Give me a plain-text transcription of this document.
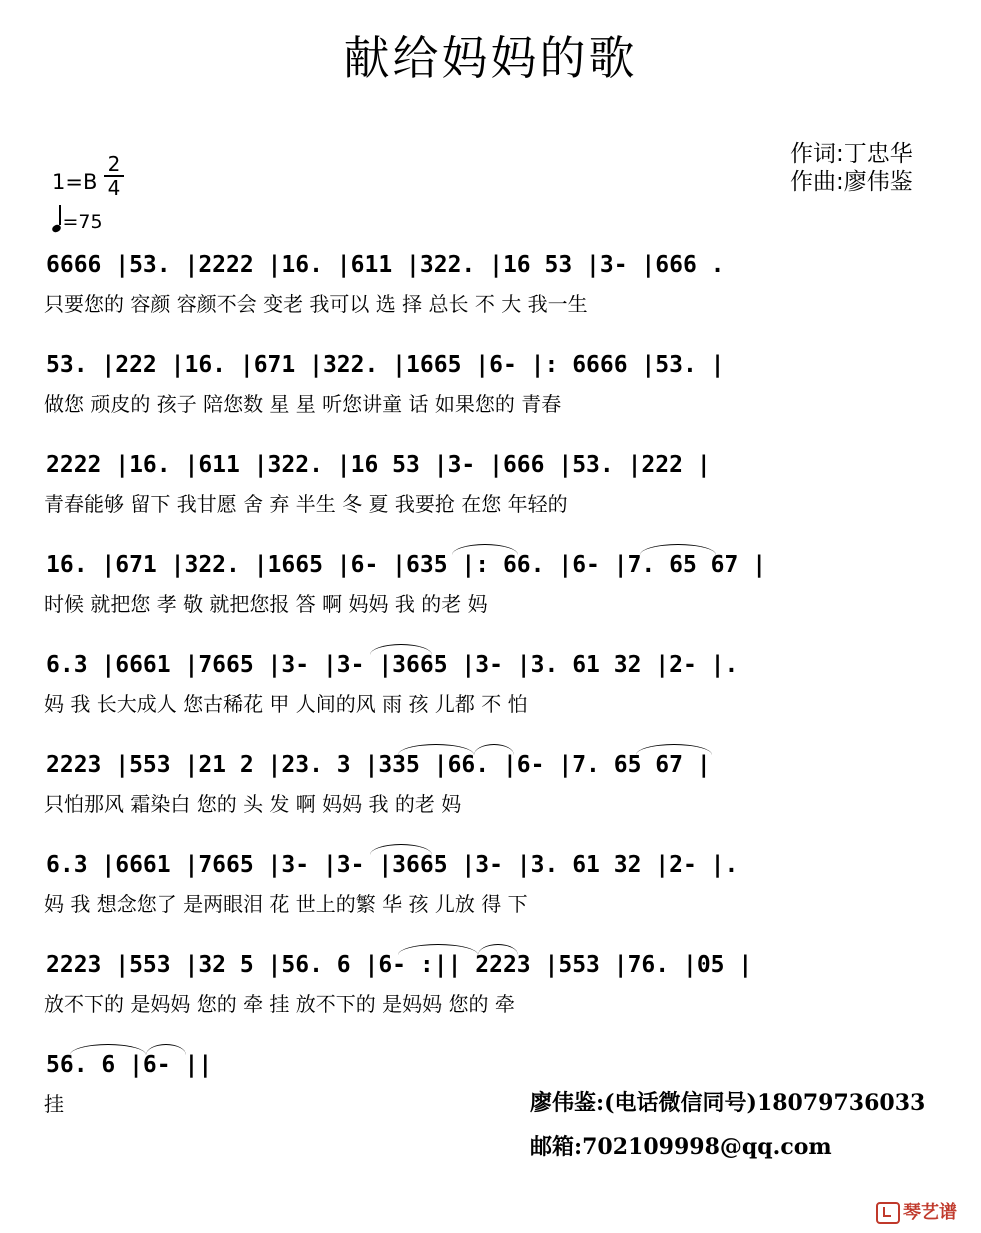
献给妈妈的歌
作词:丁忠华
作曲:廖伟鉴
1=B
2
4
=75
6666 |53. |2222 |16. |611 |322. |16 53 |3- |666 .
只要您的 容颜 容颜不会 变老 我可以 选 择 总长 不 大 我一生
53. |222 |16. |671 |322. |1665 |6- |: 6666 |53. |
做您 顽皮的 孩子 陪您数 星 星 听您讲童 话 如果您的 青春
2222 |16. |611 |322. |16 53 |3- |666 |53. |222 |
青春能够 留下 我甘愿 舍 弃 半生 冬 夏 我要抢 在您 年轻的
16. |671 |322. |1665 |6- |635 |: 66. |6- |7. 65 67 |
时候 就把您 孝 敬 就把您报 答 啊 妈妈 我 的老 妈
6.3 |6661 |7665 |3- |3- |3665 |3- |3. 61 32 |2- |.
妈 我 长大成人 您古稀花 甲 人间的风 雨 孩 儿都 不 怕
2223 |553 |21 2 |23. 3 |335 |66. |6- |7. 65 67 |
只怕那风 霜染白 您的 头 发 啊 妈妈 我 的老 妈
6.3 |6661 |7665 |3- |3- |3665 |3- |3. 61 32 |2- |.
妈 我 想念您了 是两眼泪 花 世上的繁 华 孩 儿放 得 下
2223 |553 |32 5 |56. 6 |6- :|| 2223 |553 |76. |05 |
放不下的 是妈妈 您的 牵 挂 放不下的 是妈妈 您的 牵
56. 6 |6- ||
挂	廖伟鉴:(电话微信同号)18079736033
邮箱:702109998@qq.com
琴艺谱
